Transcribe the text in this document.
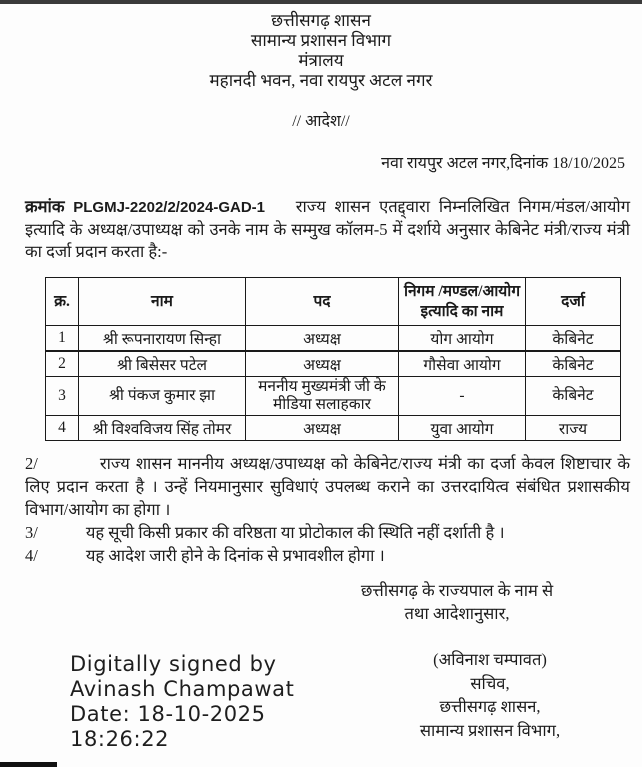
छत्तीसगढ़ शासन
सामान्य प्रशासन विभाग
मंत्रालय
महानदी भवन, नवा रायपुर अटल नगर
// आदेश//
नवा रायपुर अटल नगर,दिनांक 18/10/2025
क्रमांक PLGMJ-2202/2/2024-GAD-1 राज्य शासन एतद्द्वारा निम्नलिखित निगम/मंडल/आयोग इत्यादि के अध्यक्ष/उपाध्यक्ष को उनके नाम के सम्मुख कॉलम-5 में दर्शाये अनुसार केबिनेट मंत्री/राज्य मंत्री का दर्जा प्रदान करता है:-
क्र.	नाम	पद	निगम /मण्डल/आयोग इत्यादि का नाम	दर्जा
1	श्री रूपनारायण सिन्हा	अध्यक्ष	योग आयोग	केबिनेट
2	श्री बिसेसर पटेल	अध्यक्ष	गौसेवा आयोग	केबिनेट
3	श्री पंकज कुमार झा	मननीय मुख्यमंत्री जी के मीडिया सलाहकार	-	केबिनेट
4	श्री विश्वविजय सिंह तोमर	अध्यक्ष	युवा आयोग	राज्य
2/	राज्य शासन माननीय अध्यक्ष/उपाध्यक्ष को केबिनेट/राज्य मंत्री का दर्जा केवल शिष्टाचार के लिए प्रदान करता है । उन्हें नियमानुसार सुविधाएं उपलब्ध कराने का उत्तरदायित्व संबंधित प्रशासकीय विभाग/आयोग का होगा ।
3/	यह सूची किसी प्रकार की वरिष्ठता या प्रोटोकाल की स्थिति नहीं दर्शाती है ।
4/	यह आदेश जारी होने के दिनांक से प्रभावशील होगा ।
छत्तीसगढ़ के राज्यपाल के नाम से
तथा आदेशानुसार,
Digitally signed by
Avinash Champawat
Date: 18-10-2025
18:26:22
(अविनाश चम्पावत)
सचिव,
छत्तीसगढ़ शासन,
सामान्य प्रशासन विभाग,
